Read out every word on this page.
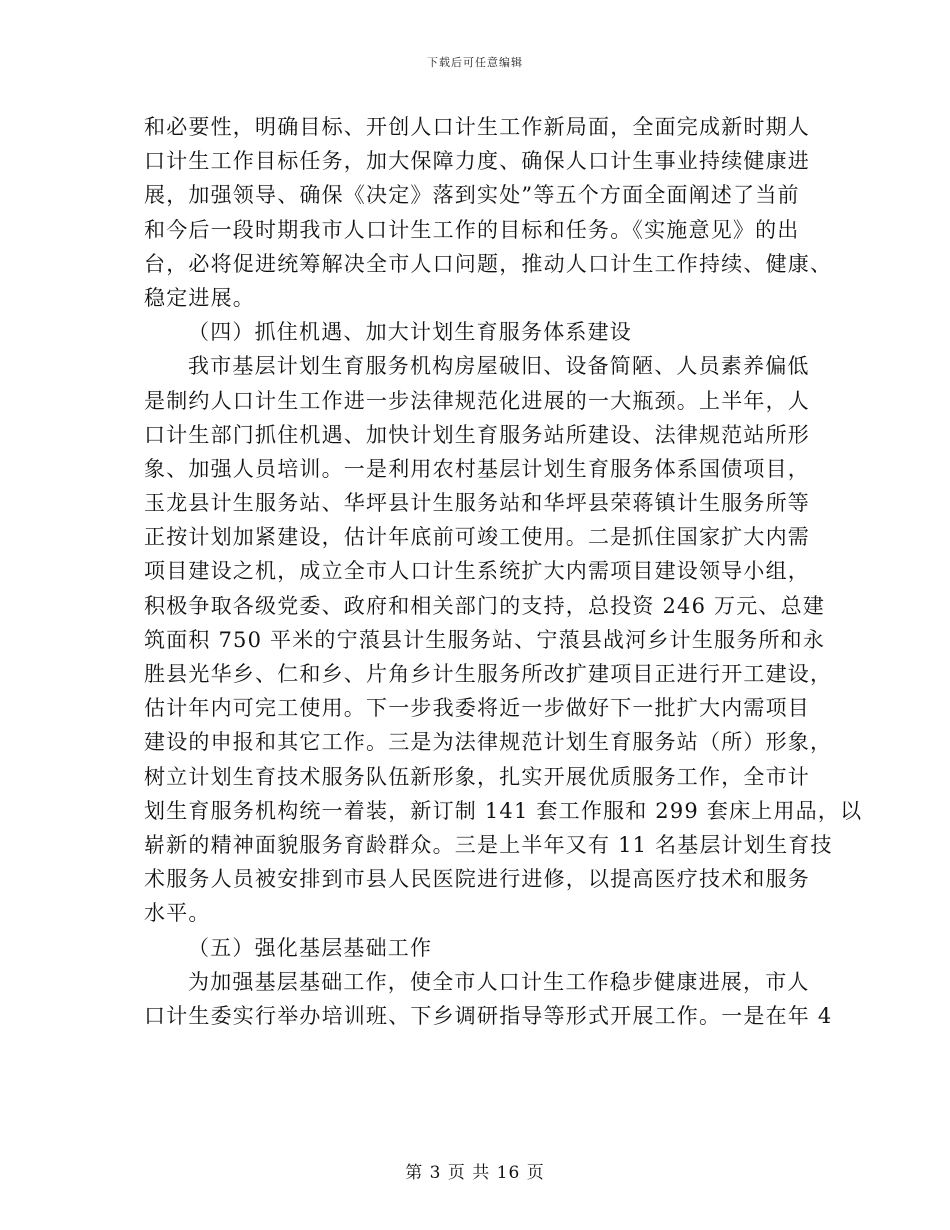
下载后可任意编辑
和必要性，明确目标、开创人口计生工作新局面，全面完成新时期人
口计生工作目标任务，加大保障力度、确保人口计生事业持续健康进
展，加强领导、确保《决定》落到实处”等五个方面全面阐述了当前
和今后一段时期我市人口计生工作的目标和任务。《实施意见》的出
台，必将促进统筹解决全市人口问题，推动人口计生工作持续、健康、
稳定进展。
（四）抓住机遇、加大计划生育服务体系建设
我市基层计划生育服务机构房屋破旧、设备简陋、人员素养偏低
是制约人口计生工作进一步法律规范化进展的一大瓶颈。上半年，人
口计生部门抓住机遇、加快计划生育服务站所建设、法律规范站所形
象、加强人员培训。一是利用农村基层计划生育服务体系国债项目，
玉龙县计生服务站、华坪县计生服务站和华坪县荣蒋镇计生服务所等
正按计划加紧建设，估计年底前可竣工使用。二是抓住国家扩大内需
项目建设之机，成立全市人口计生系统扩大内需项目建设领导小组，
积极争取各级党委、政府和相关部门的支持，总投资 246 万元、总建
筑面积 750 平米的宁蒗县计生服务站、宁蒗县战河乡计生服务所和永
胜县光华乡、仁和乡、片角乡计生服务所改扩建项目正进行开工建设，
估计年内可完工使用。下一步我委将近一步做好下一批扩大内需项目
建设的申报和其它工作。三是为法律规范计划生育服务站（所）形象，
树立计划生育技术服务队伍新形象，扎实开展优质服务工作，全市计
划生育服务机构统一着装，新订制 141 套工作服和 299 套床上用品，以
崭新的精神面貌服务育龄群众。三是上半年又有 11 名基层计划生育技
术服务人员被安排到市县人民医院进行进修，以提高医疗技术和服务
水平。
（五）强化基层基础工作
为加强基层基础工作，使全市人口计生工作稳步健康进展，市人
口计生委实行举办培训班、下乡调研指导等形式开展工作。一是在年 4
第 3 页 共 16 页
